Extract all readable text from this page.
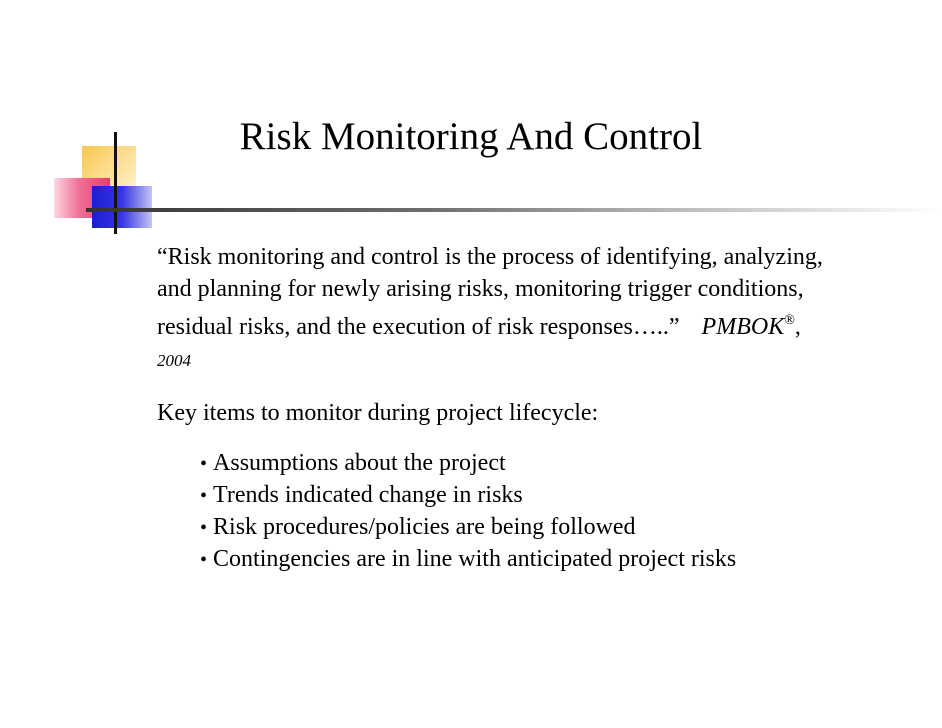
Risk Monitoring And Control

“Risk monitoring and control is the process of identifying, analyzing, and planning for newly arising risks, monitoring trigger conditions, residual risks, and the execution of risk responses…..” PMBOK®, 2004

Key items to monitor during project lifecycle:

• Assumptions about the project
• Trends indicated change in risks
• Risk procedures/policies are being followed
• Contingencies are in line with anticipated project risks
